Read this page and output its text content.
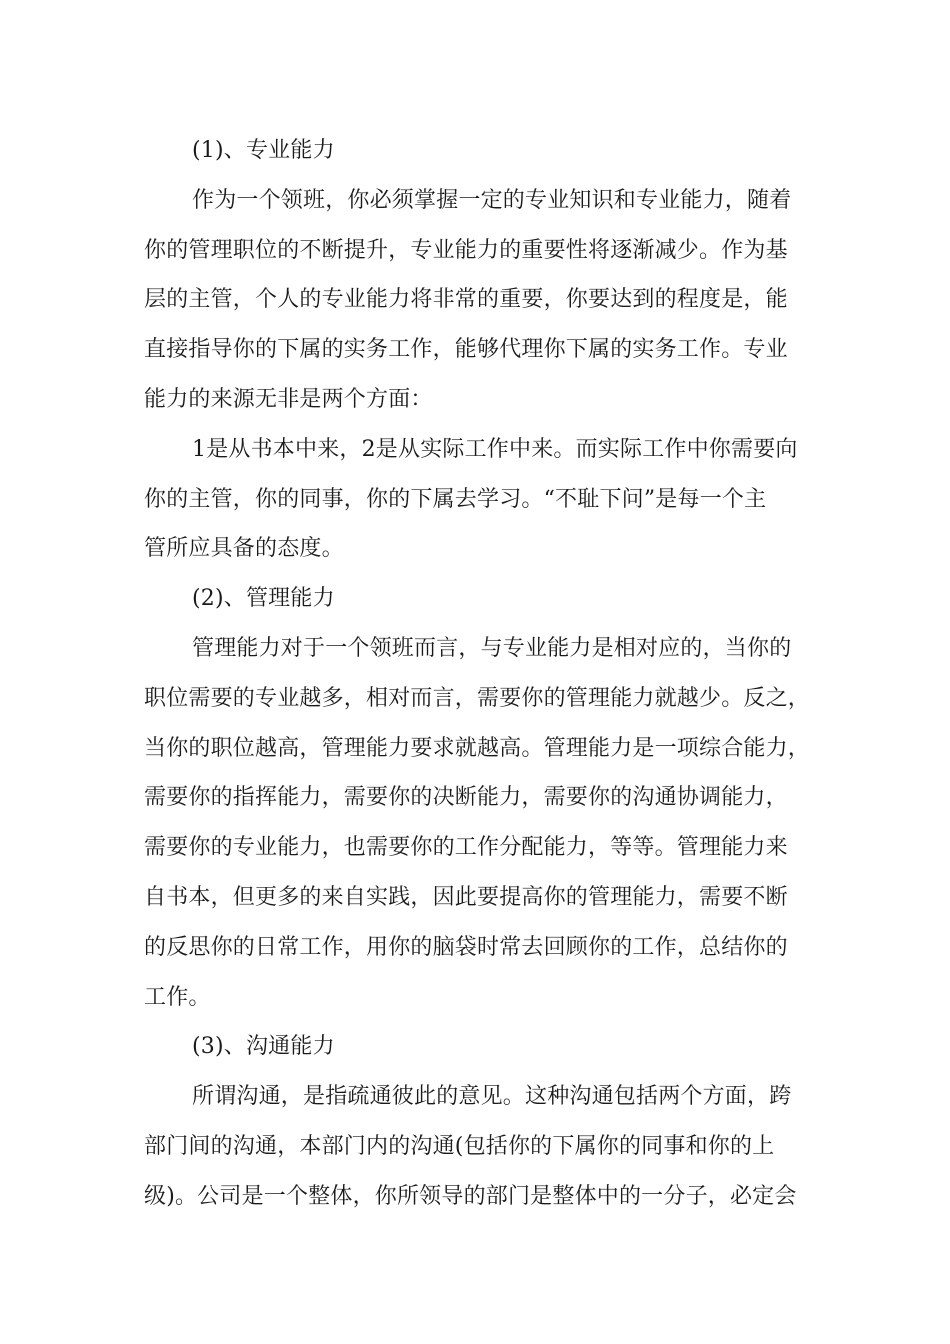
(1)、专业能力
作为一个领班，你必须掌握一定的专业知识和专业能力，随着
你的管理职位的不断提升，专业能力的重要性将逐渐减少。作为基
层的主管，个人的专业能力将非常的重要，你要达到的程度是，能
直接指导你的下属的实务工作，能够代理你下属的实务工作。专业
能力的来源无非是两个方面：
1是从书本中来，2是从实际工作中来。而实际工作中你需要向
你的主管，你的同事，你的下属去学习。“不耻下问”是每一个主
管所应具备的态度。
(2)、管理能力
管理能力对于一个领班而言，与专业能力是相对应的，当你的
职位需要的专业越多，相对而言，需要你的管理能力就越少。反之，
当你的职位越高，管理能力要求就越高。管理能力是一项综合能力，
需要你的指挥能力，需要你的决断能力，需要你的沟通协调能力，
需要你的专业能力，也需要你的工作分配能力，等等。管理能力来
自书本，但更多的来自实践，因此要提高你的管理能力，需要不断
的反思你的日常工作，用你的脑袋时常去回顾你的工作，总结你的
工作。
(3)、沟通能力
所谓沟通，是指疏通彼此的意见。这种沟通包括两个方面，跨
部门间的沟通，本部门内的沟通(包括你的下属你的同事和你的上
级)。公司是一个整体，你所领导的部门是整体中的一分子，必定会
